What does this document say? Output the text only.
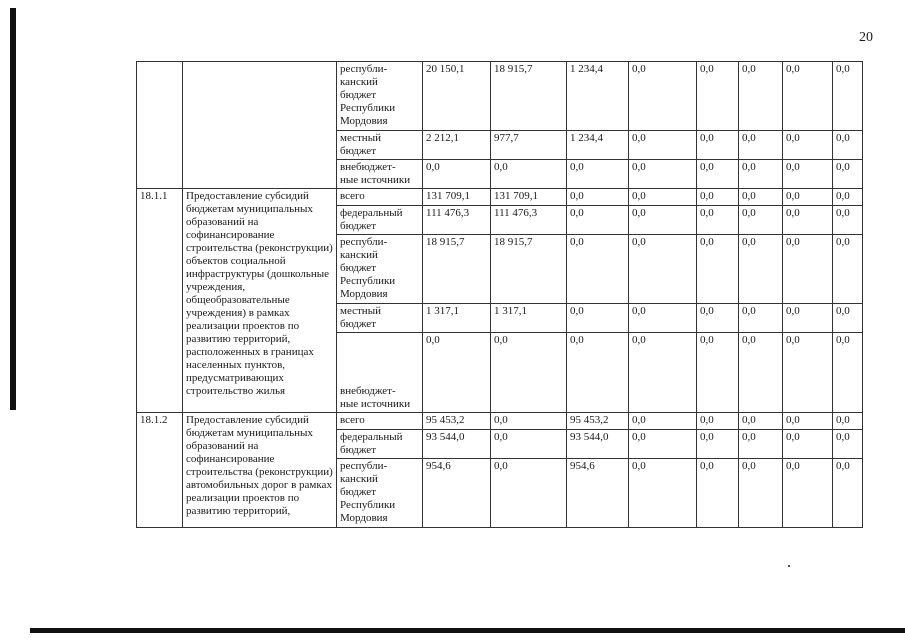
20
		республи-
канский
бюджет
Республики
Мордовия	20 150,1	18 915,7	1 234,4	0,0	0,0	0,0	0,0	0,0
		местный
бюджет	2 212,1	977,7	1 234,4	0,0	0,0	0,0	0,0	0,0
		внебюджет-
ные источники	0,0	0,0	0,0	0,0	0,0	0,0	0,0	0,0
18.1.1	Предоставление субсидий бюджетам муниципальных образований на софинансирование строительства (реконструкции) объектов социальной инфраструктуры (дошкольные учреждения, общеобразовательные учреждения) в рамках реализации проектов по развитию территорий, расположенных в границах населенных пунктов, предусматривающих строительство жилья	всего	131 709,1	131 709,1	0,0	0,0	0,0	0,0	0,0	0,0
		федеральный
бюджет	111 476,3	111 476,3	0,0	0,0	0,0	0,0	0,0	0,0
		республи-
канский
бюджет
Республики
Мордовия	18 915,7	18 915,7	0,0	0,0	0,0	0,0	0,0	0,0
		местный
бюджет	1 317,1	1 317,1	0,0	0,0	0,0	0,0	0,0	0,0
		внебюджет-
ные источники	0,0	0,0	0,0	0,0	0,0	0,0	0,0	0,0
18.1.2	Предоставление субсидий бюджетам муниципальных образований на софинансирование строительства (реконструкции) автомобильных дорог в рамках реализации проектов по развитию территорий,	всего	95 453,2	0,0	95 453,2	0,0	0,0	0,0	0,0	0,0
		федеральный
бюджет	93 544,0	0,0	93 544,0	0,0	0,0	0,0	0,0	0,0
		республи-
канский
бюджет
Республики
Мордовия	954,6	0,0	954,6	0,0	0,0	0,0	0,0	0,0
